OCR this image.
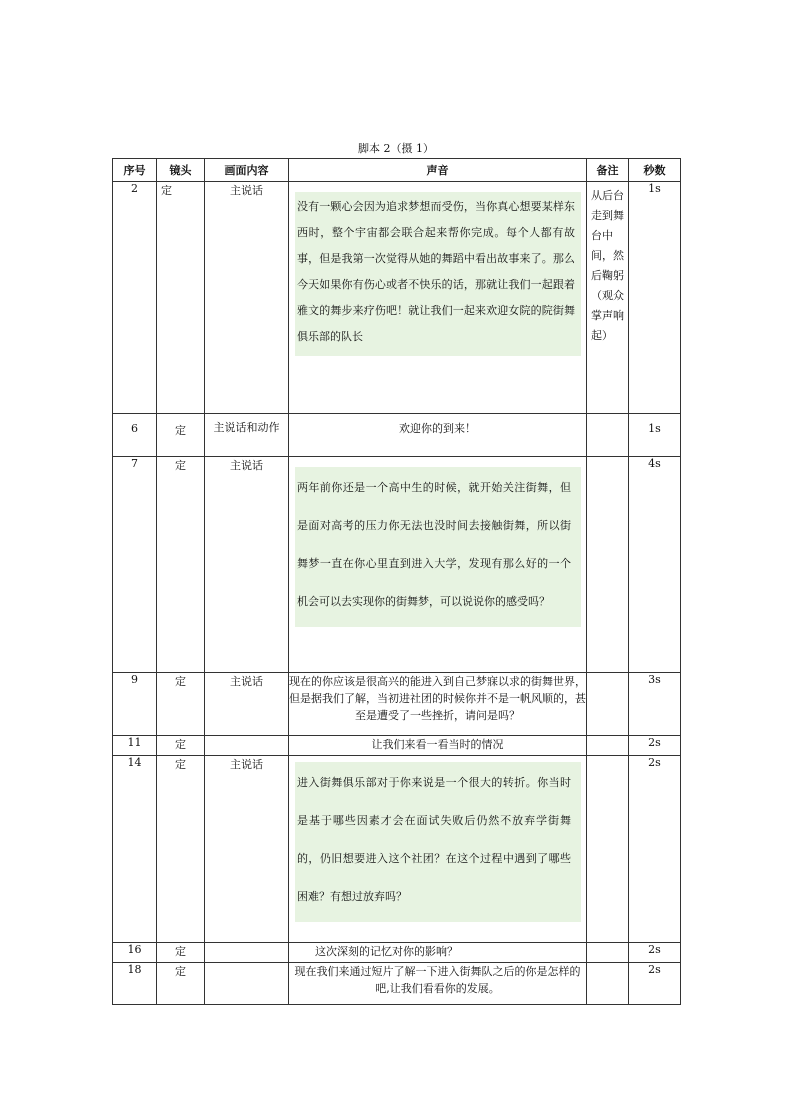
脚本 2（摄 1）
序号	镜头	画面内容	声音	备注	秒数
2	定	主说话	没有一颗心会因为追求梦想而受伤，当你真心想要某样东西时，整个宇宙都会联合起来帮你完成。每个人都有故事，但是我第一次觉得从她的舞蹈中看出故事来了。那么今天如果你有伤心或者不快乐的话，那就让我们一起跟着雅文的舞步来疗伤吧！就让我们一起来欢迎女院的院街舞俱乐部的队长	从后台走到舞台中间，然后鞠躬（观众掌声响起）	1s
6	定	主说话和动作	欢迎你的到来！		1s
7	定	主说话	两年前你还是一个高中生的时候，就开始关注街舞，但是面对高考的压力你无法也没时间去接触街舞，所以街舞梦一直在你心里直到进入大学，发现有那么好的一个机会可以去实现你的街舞梦，可以说说你的感受吗？		4s
9	定	主说话	现在的你应该是很高兴的能进入到自己梦寐以求的街舞世界，但是据我们了解，当初进社团的时候你并不是一帆风顺的，甚至是遭受了一些挫折，请问是吗？		3s
11	定		让我们来看一看当时的情况		2s
14	定	主说话	进入街舞俱乐部对于你来说是一个很大的转折。你当时是基于哪些因素才会在面试失败后仍然不放弃学街舞的，仍旧想要进入这个社团？在这个过程中遇到了哪些困难？有想过放弃吗？		2s
16	定		这次深刻的记忆对你的影响？		2s
18	定		现在我们来通过短片了解一下进入街舞队之后的你是怎样的吧,让我们看看你的发展。		2s
